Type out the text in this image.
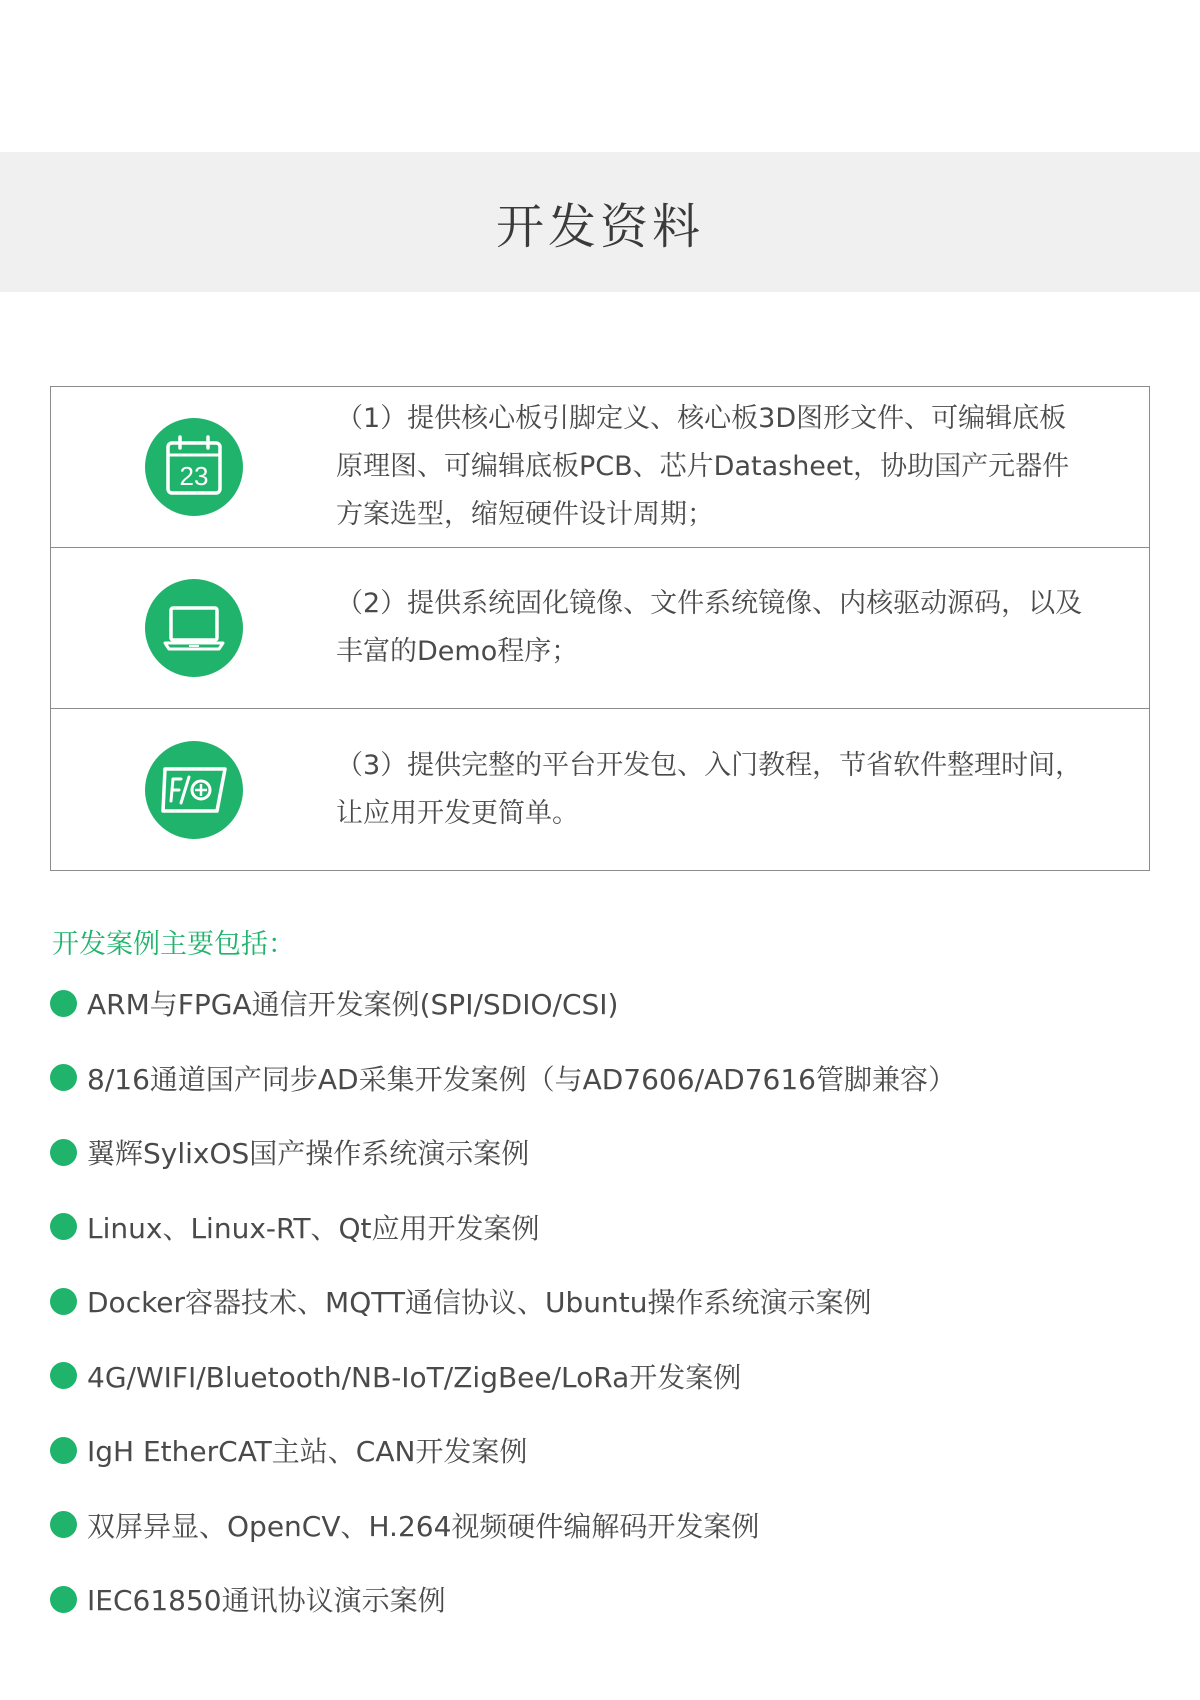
开发资料
23
（1）提供核心板引脚定义、核心板3D图形文件、可编辑底板原理图、可编辑底板PCB、芯片Datasheet，协助国产元器件方案选型，缩短硬件设计周期；
（2）提供系统固化镜像、文件系统镜像、内核驱动源码，以及丰富的Demo程序；
（3）提供完整的平台开发包、入门教程，节省软件整理时间，让应用开发更简单。
开发案例主要包括：
ARM与FPGA通信开发案例(SPI/SDIO/CSI)
8/16通道国产同步AD采集开发案例（与AD7606/AD7616管脚兼容）
翼辉SylixOS国产操作系统演示案例
Linux、Linux-RT、Qt应用开发案例
Docker容器技术、MQTT通信协议、Ubuntu操作系统演示案例
4G/WIFI/Bluetooth/NB-IoT/ZigBee/LoRa开发案例
IgH EtherCAT主站、CAN开发案例
双屏异显、OpenCV、H.264视频硬件编解码开发案例
IEC61850通讯协议演示案例
